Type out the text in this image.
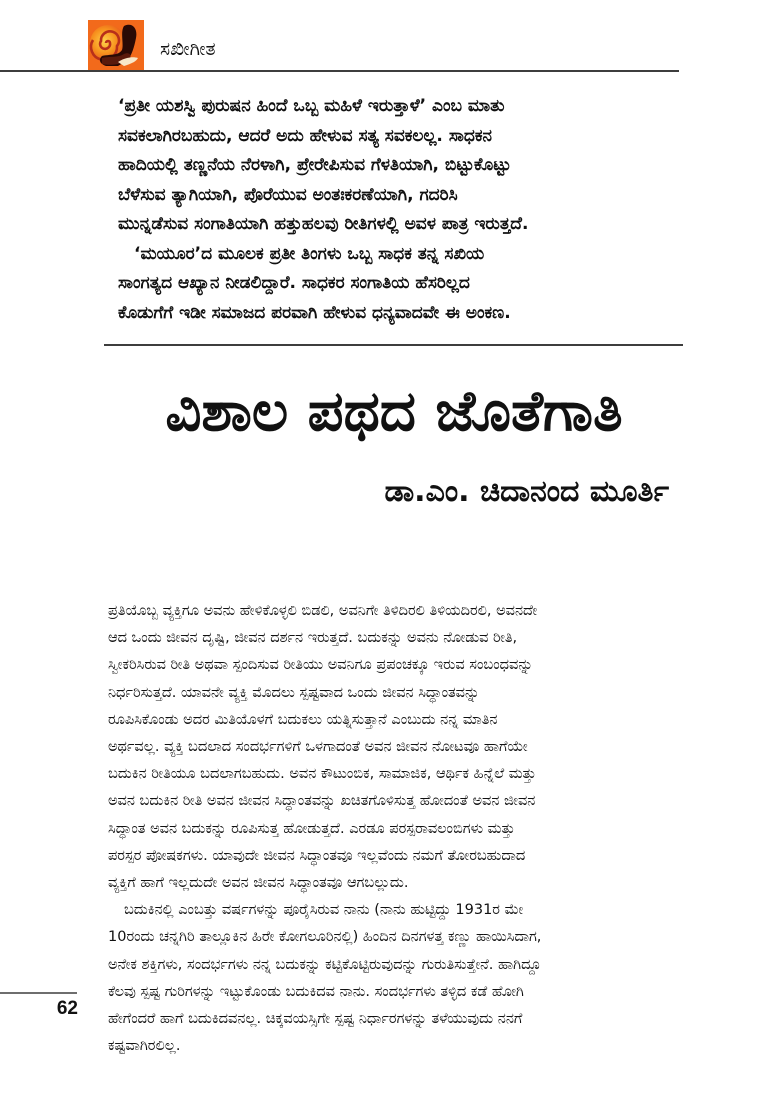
ಸಖೀಗೀತ

‘ಪ್ರತೀ ಯಶಸ್ವಿ ಪುರುಷನ ಹಿಂದೆ ಒಬ್ಬ ಮಹಿಳೆ ಇರುತ್ತಾಳೆ’ ಎಂಬ ಮಾತು
ಸವಕಲಾಗಿರಬಹುದು, ಆದರೆ ಅದು ಹೇಳುವ ಸತ್ಯ ಸವಕಲಲ್ಲ. ಸಾಧಕನ
ಹಾದಿಯಲ್ಲಿ ತಣ್ಣನೆಯ ನೆರಳಾಗಿ, ಪ್ರೇರೇಪಿಸುವ ಗೆಳತಿಯಾಗಿ, ಬಿಟ್ಟುಕೊಟ್ಟು
ಬೆಳೆಸುವ ತ್ಯಾಗಿಯಾಗಿ, ಪೊರೆಯುವ ಅಂತಃಕರಣೆಯಾಗಿ, ಗದರಿಸಿ
ಮುನ್ನಡೆಸುವ ಸಂಗಾತಿಯಾಗಿ ಹತ್ತುಹಲವು ರೀತಿಗಳಲ್ಲಿ ಅವಳ ಪಾತ್ರ ಇರುತ್ತದೆ.

‘ಮಯೂರ’ದ ಮೂಲಕ ಪ್ರತೀ ತಿಂಗಳು ಒಬ್ಬ ಸಾಧಕ ತನ್ನ ಸಖಿಯ
ಸಾಂಗತ್ಯದ ಆಖ್ಯಾನ ನೀಡಲಿದ್ದಾರೆ. ಸಾಧಕರ ಸಂಗಾತಿಯ ಹೆಸರಿಲ್ಲದ
ಕೊಡುಗೆಗೆ ಇಡೀ ಸಮಾಜದ ಪರವಾಗಿ ಹೇಳುವ ಧನ್ಯವಾದವೇ ಈ ಅಂಕಣ.

ವಿಶಾಲ ಪಥದ ಜೊತೆಗಾತಿ
ಡಾ.ಎಂ. ಚಿದಾನಂದ ಮೂರ್ತಿ

ಪ್ರತಿಯೊಬ್ಬ ವ್ಯಕ್ತಿಗೂ ಅವನು ಹೇಳಿಕೊಳ್ಳಲಿ ಬಿಡಲಿ, ಅವನಿಗೇ ತಿಳಿದಿರಲಿ ತಿಳಿಯದಿರಲಿ, ಅವನದೇ
ಆದ ಒಂದು ಜೀವನ ದೃಷ್ಟಿ, ಜೀವನ ದರ್ಶನ ಇರುತ್ತದೆ. ಬದುಕನ್ನು ಅವನು ನೋಡುವ ರೀತಿ,
ಸ್ವೀಕರಿಸಿರುವ ರೀತಿ ಅಥವಾ ಸ್ಪಂದಿಸುವ ರೀತಿಯು ಅವನಿಗೂ ಪ್ರಪಂಚಕ್ಕೂ ಇರುವ ಸಂಬಂಧವನ್ನು
ನಿರ್ಧರಿಸುತ್ತದೆ. ಯಾವನೇ ವ್ಯಕ್ತಿ ಮೊದಲು ಸ್ಪಷ್ಟವಾದ ಒಂದು ಜೀವನ ಸಿದ್ಧಾಂತವನ್ನು
ರೂಪಿಸಿಕೊಂಡು ಅದರ ಮಿತಿಯೊಳಗೆ ಬದುಕಲು ಯತ್ನಿಸುತ್ತಾನೆ ಎಂಬುದು ನನ್ನ ಮಾತಿನ
ಅರ್ಥವಲ್ಲ. ವ್ಯಕ್ತಿ ಬದಲಾದ ಸಂದರ್ಭಗಳಿಗೆ ಒಳಗಾದಂತೆ ಅವನ ಜೀವನ ನೋಟವೂ ಹಾಗೆಯೇ
ಬದುಕಿನ ರೀತಿಯೂ ಬದಲಾಗಬಹುದು. ಅವನ ಕೌಟುಂಬಿಕ, ಸಾಮಾಜಿಕ, ಆರ್ಥಿಕ ಹಿನ್ನೆಲೆ ಮತ್ತು
ಅವನ ಬದುಕಿನ ರೀತಿ ಅವನ ಜೀವನ ಸಿದ್ಧಾಂತವನ್ನು ಖಚಿತಗೊಳಿಸುತ್ತ ಹೋದಂತೆ ಅವನ ಜೀವನ
ಸಿದ್ಧಾಂತ ಅವನ ಬದುಕನ್ನು ರೂಪಿಸುತ್ತ ಹೋಡುತ್ತದೆ. ಎರಡೂ ಪರಸ್ಪರಾವಲಂಬಿಗಳು ಮತ್ತು
ಪರಸ್ಪರ ಪೋಷಕಗಳು. ಯಾವುದೇ ಜೀವನ ಸಿದ್ಧಾಂತವೂ ಇಲ್ಲವೆಂದು ನಮಗೆ ತೋರಬಹುದಾದ
ವ್ಯಕ್ತಿಗೆ ಹಾಗೆ ಇಲ್ಲದುದೇ ಅವನ ಜೀವನ ಸಿದ್ಧಾಂತವೂ ಆಗಬಲ್ಲುದು.

ಬದುಕಿನಲ್ಲಿ ಎಂಬತ್ತು ವರ್ಷಗಳನ್ನು ಪೂರೈಸಿರುವ ನಾನು (ನಾನು ಹುಟ್ಟಿದ್ದು 1931ರ ಮೇ
10ರಂದು ಚನ್ನಗಿರಿ ತಾಲ್ಲೂಕಿನ ಹಿರೇ ಕೋಗಲೂರಿನಲ್ಲಿ) ಹಿಂದಿನ ದಿನಗಳತ್ತ ಕಣ್ಣು ಹಾಯಿಸಿದಾಗ,
ಅನೇಕ ಶಕ್ತಿಗಳು, ಸಂದರ್ಭಗಳು ನನ್ನ ಬದುಕನ್ನು ಕಟ್ಟಿಕೊಟ್ಟಿರುವುದನ್ನು ಗುರುತಿಸುತ್ತೇನೆ. ಹಾಗಿದ್ದೂ
ಕೆಲವು ಸ್ಪಷ್ಟ ಗುರಿಗಳನ್ನು ಇಟ್ಟುಕೊಂಡು ಬದುಕಿದವ ನಾನು. ಸಂದರ್ಭಗಳು ತಳ್ಳಿದ ಕಡೆ ಹೋಗಿ
ಹೇಗೆಂದರೆ ಹಾಗೆ ಬದುಕಿದವನಲ್ಲ. ಚಿಕ್ಕವಯಸ್ಸಿಗೇ ಸ್ಪಷ್ಟ ನಿರ್ಧಾರಗಳನ್ನು ತಳೆಯುವುದು ನನಗೆ
ಕಷ್ಟವಾಗಿರಲಿಲ್ಲ.

62
